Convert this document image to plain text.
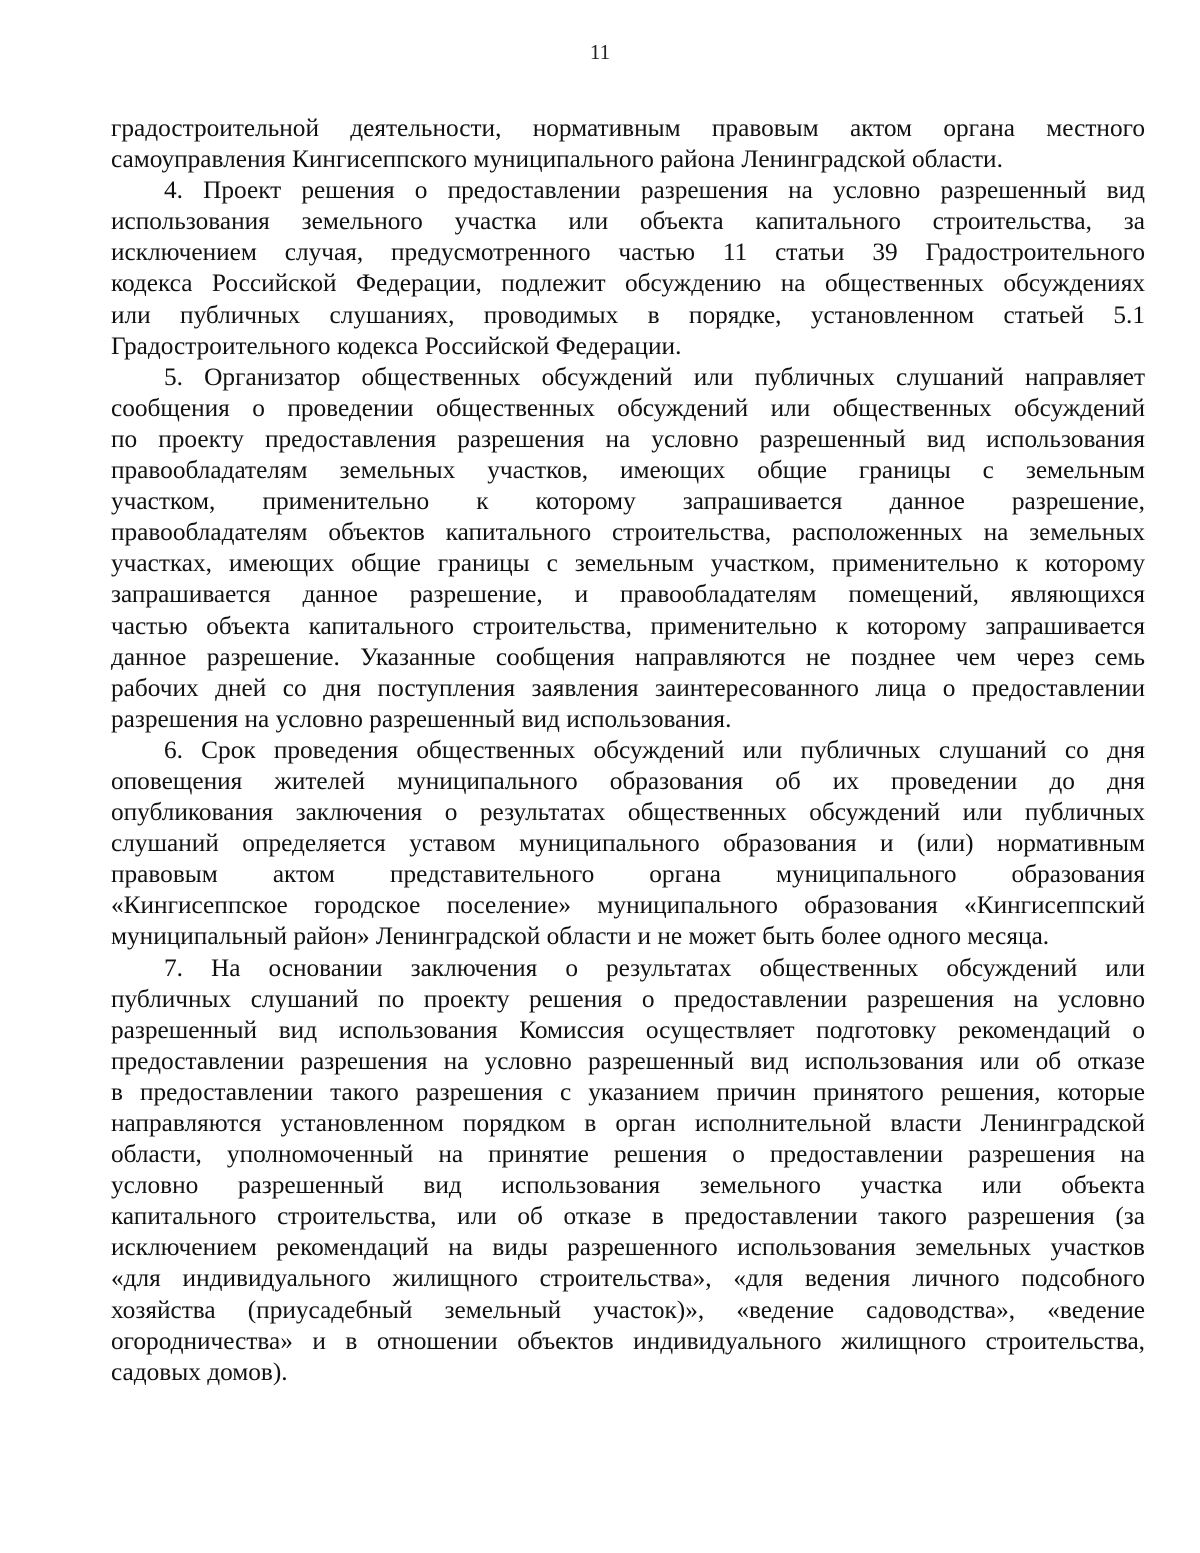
11
градостроительной деятельности, нормативным правовым актом органа местного
самоуправления Кингисеппского муниципального района Ленинградской области.
4. Проект решения о предоставлении разрешения на условно разрешенный вид
использования земельного участка или объекта капитального строительства, за
исключением случая, предусмотренного частью 11 статьи 39 Градостроительного
кодекса Российской Федерации, подлежит обсуждению на общественных обсуждениях
или публичных слушаниях, проводимых в порядке, установленном статьей 5.1
Градостроительного кодекса Российской Федерации.
5. Организатор общественных обсуждений или публичных слушаний направляет
сообщения о проведении общественных обсуждений или общественных обсуждений
по проекту предоставления разрешения на условно разрешенный вид использования
правообладателям земельных участков, имеющих общие границы с земельным
участком, применительно к которому запрашивается данное разрешение,
правообладателям объектов капитального строительства, расположенных на земельных
участках, имеющих общие границы с земельным участком, применительно к которому
запрашивается данное разрешение, и правообладателям помещений, являющихся
частью объекта капитального строительства, применительно к которому запрашивается
данное разрешение. Указанные сообщения направляются не позднее чем через семь
рабочих дней со дня поступления заявления заинтересованного лица о предоставлении
разрешения на условно разрешенный вид использования.
6. Срок проведения общественных обсуждений или публичных слушаний со дня
оповещения жителей муниципального образования об их проведении до дня
опубликования заключения о результатах общественных обсуждений или публичных
слушаний определяется уставом муниципального образования и (или) нормативным
правовым актом представительного органа муниципального образования
«Кингисеппское городское поселение» муниципального образования «Кингисеппский
муниципальный район» Ленинградской области и не может быть более одного месяца.
7. На основании заключения о результатах общественных обсуждений или
публичных слушаний по проекту решения о предоставлении разрешения на условно
разрешенный вид использования Комиссия осуществляет подготовку рекомендаций о
предоставлении разрешения на условно разрешенный вид использования или об отказе
в предоставлении такого разрешения с указанием причин принятого решения, которые
направляются установленном порядком в орган исполнительной власти Ленинградской
области, уполномоченный на принятие решения о предоставлении разрешения на
условно разрешенный вид использования земельного участка или объекта
капитального строительства, или об отказе в предоставлении такого разрешения (за
исключением рекомендаций на виды разрешенного использования земельных участков
«для индивидуального жилищного строительства», «для ведения личного подсобного
хозяйства (приусадебный земельный участок)», «ведение садоводства», «ведение
огородничества» и в отношении объектов индивидуального жилищного строительства,
садовых домов).
